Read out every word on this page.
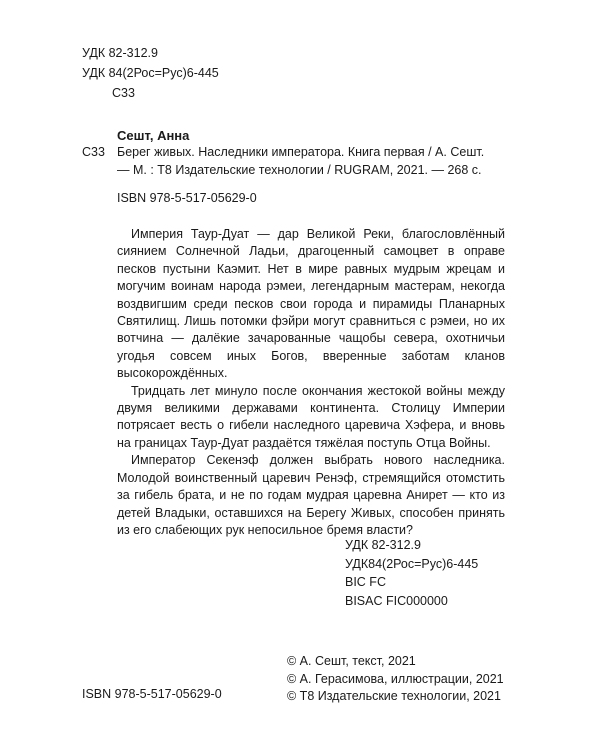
УДК 82-312.9
УДК 84(2Рос=Рус)6-445
С33
Сешт, Анна
С33 Берег живых. Наследники императора. Книга первая / А. Сешт.
— М. : Т8 Издательские технологии / RUGRAM, 2021. — 268 с.
ISBN 978-5-517-05629-0

Империя Таур-Дуат — дар Великой Реки, благословлённый сиянием Солнечной Ладьи, драгоценный самоцвет в оправе песков пустыни Каэмит. Нет в мире равных мудрым жрецам и могучим воинам народа рэмеи, легендарным мастерам, некогда воздвигшим среди песков свои города и пирамиды Планарных Святилищ. Лишь потомки фэйри могут сравниться с рэмеи, но их вотчина — далёкие зачарованные чащобы севера, охотничьи угодья совсем иных Богов, вверенные заботам кланов высокорождённых.

Тридцать лет минуло после окончания жестокой войны между двумя великими державами континента. Столицу Империи потрясает весть о гибели наследного царевича Хэфера, и вновь на границах Таур-Дуат раздаётся тяжёлая поступь Отца Войны.

Император Секенэф должен выбрать нового наследника. Молодой воинственный царевич Ренэф, стремящийся отомстить за гибель брата, и не по годам мудрая царевна Анирет — кто из детей Владыки, оставшихся на Берегу Живых, способен принять из его слабеющих рук непосильное бремя власти?

УДК 82-312.9
УДК84(2Рос=Рус)6-445
BIC FC
BISAC FIC000000
© А. Сешт, текст, 2021
© А. Герасимова, иллюстрации, 2021
© Т8 Издательские технологии, 2021
ISBN 978-5-517-05629-0
